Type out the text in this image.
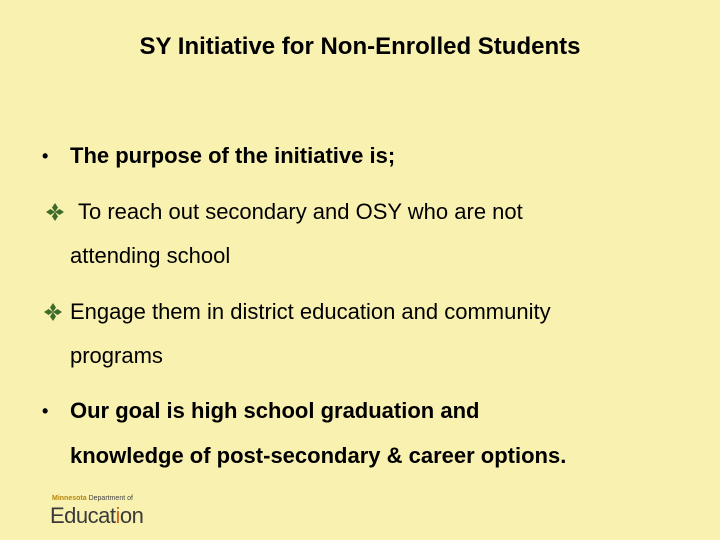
SY Initiative for Non-Enrolled Students
• The purpose of the initiative is;
To reach out secondary and OSY who are not
attending school
Engage them in district education and community
programs
• Our goal is high school graduation and
knowledge of post-secondary & career options.
Minnesota Department of
Education
